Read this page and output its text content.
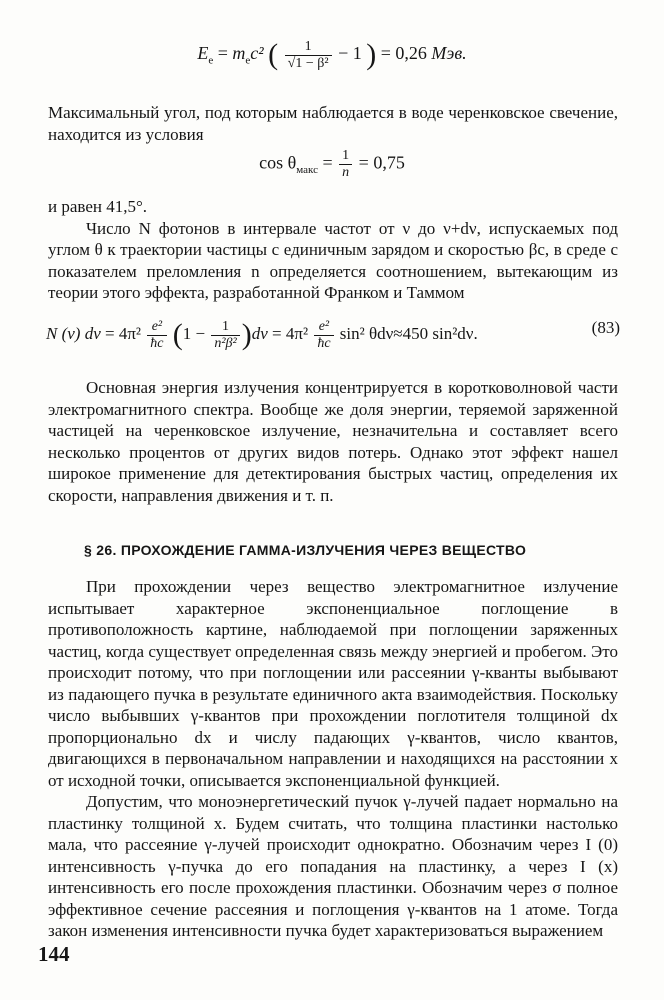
$E_e = m_ec^2$ ( $\frac{1}{\text{√1 − β²}} - 1$ ) = 0,26 Мэв.

Максимальный угол, под которым наблюдается в воде черенковское свечение, находится из условия

$\cos \theta_{макс} = \frac{1}{n} = 0,75$

и равен 41,5°.

Число N фотонов в интервале частот от ν до ν+dν, испускаемых под углом θ к траектории частицы с единичным зарядом и скоростью βc, в среде с показателем преломления n определяется соотношением, вытекающим из теории этого эффекта, разработанной Франком и Таммом

N (ν) $d\nu = 4\pi^2 \frac{\text{e²}}{ħc} (1 - \frac{1}{\text{n²β²}} )d\nu = 4\pi^2 \frac{\text{e²}}{ħc} \sin^2$ θdν≈450 sin²dν.	(83)

Основная энергия излучения концентрируется в коротковолновой части электромагнитного спектра. Вообще же доля энергии, теряемой заряженной частицей на черенковское излучение, незначительна и составляет всего несколько процентов от других видов потерь. Однако этот эффект нашел широкое применение для детектирования быстрых частиц, определения их скорости, направления движения и т. п.

§ 26. ПРОХОЖДЕНИЕ ГАММА-ИЗЛУЧЕНИЯ ЧЕРЕЗ ВЕЩЕСТВО

При прохождении через вещество электромагнитное излучение испытывает характерное экспоненциальное поглощение в противоположность картине, наблюдаемой при поглощении заряженных частиц, когда существует определенная связь между энергией и пробегом. Это происходит потому, что при поглощении или рассеянии γ-кванты выбывают из падающего пучка в результате единичного акта взаимодействия. Поскольку число выбывших γ-квантов при прохождении поглотителя толщиной dx пропорционально dx и числу падающих γ-квантов, число квантов, двигающихся в первоначальном направлении и находящихся на расстоянии x от исходной точки, описывается экспоненциальной функцией.

Допустим, что моноэнергетический пучок γ-лучей падает нормально на пластинку толщиной x. Будем считать, что толщина пластинки настолько мала, что рассеяние γ-лучей происходит однократно. Обозначим через I (0) интенсивность γ-пучка до его попадания на пластинку, а через I (x) интенсивность его после прохождения пластинки. Обозначим через σ полное эффективное сечение рассеяния и поглощения γ-квантов на 1 атоме. Тогда закон изменения интенсивности пучка будет характеризоваться выражением

144
